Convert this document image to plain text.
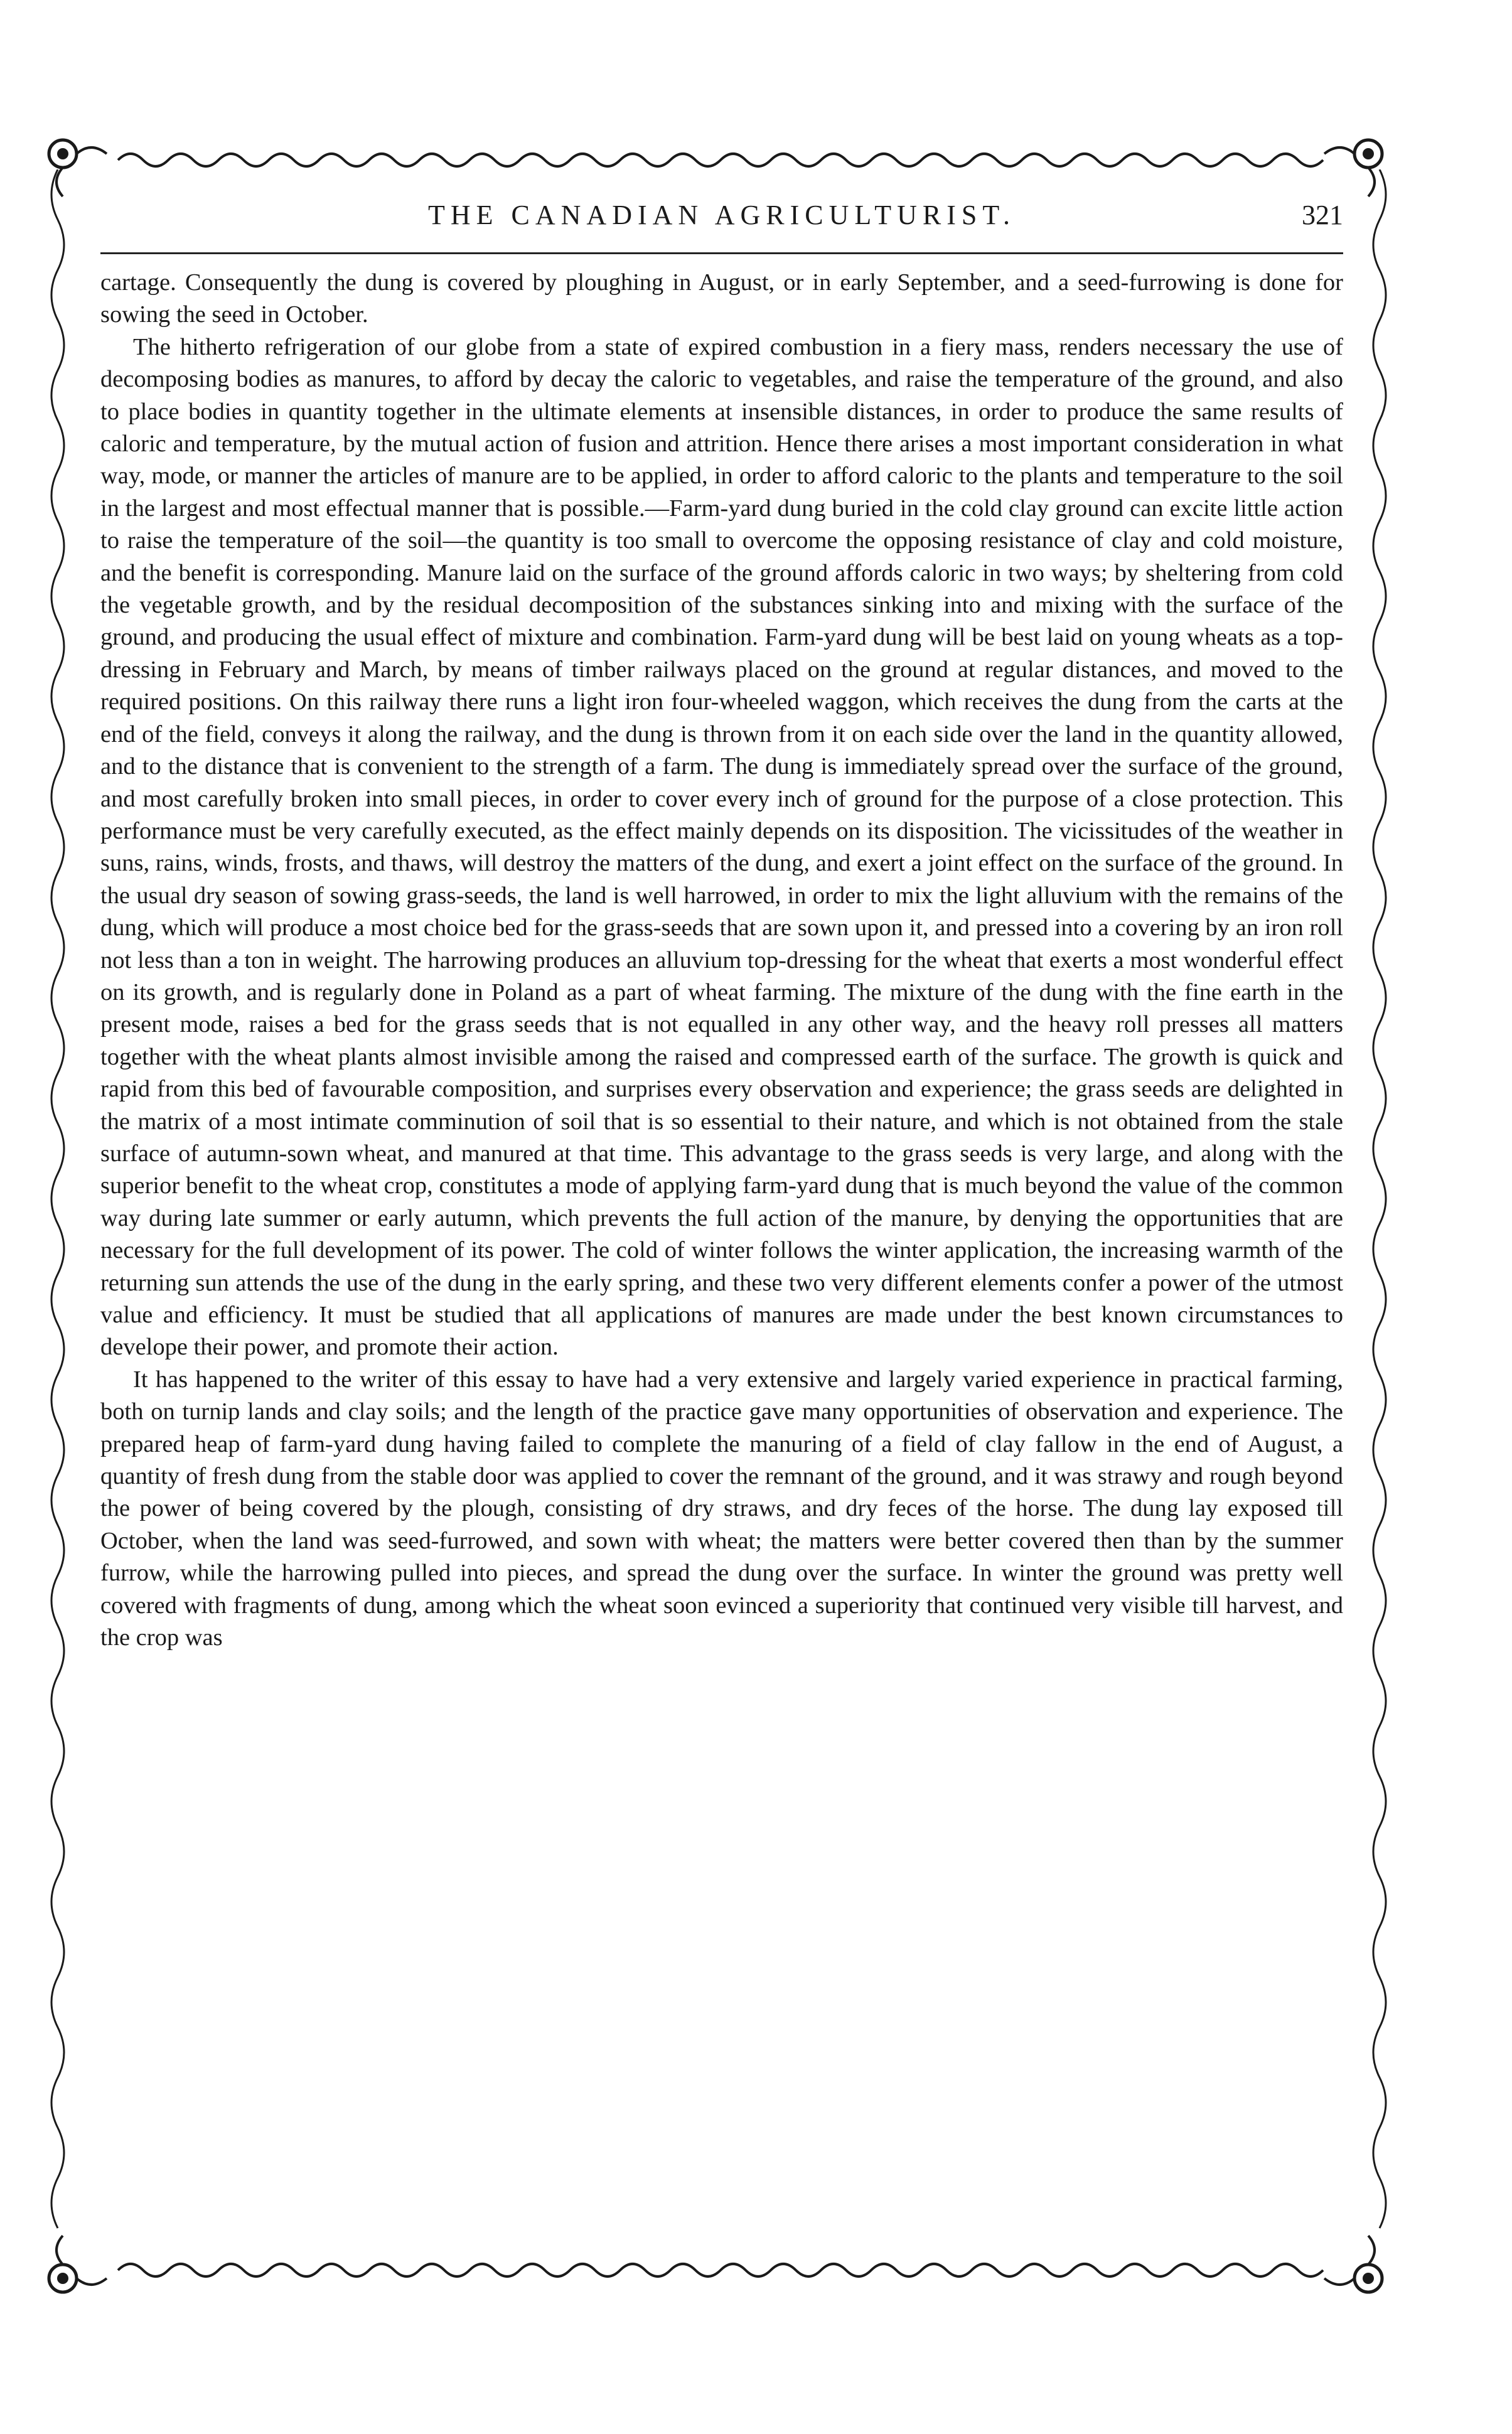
THE CANADIAN AGRICULTURIST.	321

cartage. Consequently the dung is covered by ploughing in August, or in early September, and a seed-furrowing is done for sowing the seed in October.

The hitherto refrigeration of our globe from a state of expired combustion in a fiery mass, renders necessary the use of decomposing bodies as manures, to afford by decay the caloric to vegetables, and raise the temperature of the ground, and also to place bodies in quantity together in the ultimate elements at insensible distances, in order to produce the same results of caloric and temperature, by the mutual action of fusion and attrition. Hence there arises a most important consideration in what way, mode, or manner the articles of manure are to be applied, in order to afford caloric to the plants and temperature to the soil in the largest and most effectual manner that is possible.—Farm-yard dung buried in the cold clay ground can excite little action to raise the temperature of the soil—the quantity is too small to overcome the opposing resistance of clay and cold moisture, and the benefit is corresponding. Manure laid on the surface of the ground affords caloric in two ways; by sheltering from cold the vegetable growth, and by the residual decomposition of the substances sinking into and mixing with the surface of the ground, and producing the usual effect of mixture and combination. Farm-yard dung will be best laid on young wheats as a top-dressing in February and March, by means of timber railways placed on the ground at regular distances, and moved to the required positions. On this railway there runs a light iron four-wheeled waggon, which receives the dung from the carts at the end of the field, conveys it along the railway, and the dung is thrown from it on each side over the land in the quantity allowed, and to the distance that is convenient to the strength of a farm. The dung is immediately spread over the surface of the ground, and most carefully broken into small pieces, in order to cover every inch of ground for the purpose of a close protection. This performance must be very carefully executed, as the effect mainly depends on its disposition. The vicissitudes of the weather in suns, rains, winds, frosts, and thaws, will destroy the matters of the dung, and exert a joint effect on the surface of the ground. In the usual dry season of sowing grass-seeds, the land is well harrowed, in order to mix the light alluvium with the remains of the dung, which will produce a most choice bed for the grass-seeds that are sown upon it, and pressed into a covering by an iron roll not less than a ton in weight. The harrowing produces an alluvium top-dressing for the wheat that exerts a most wonderful effect on its growth, and is regularly done in Poland as a part of wheat farming. The mixture of the dung with the fine earth in the present mode, raises a bed for the grass seeds that is not equalled in any other way, and the heavy roll presses all matters together with the wheat plants almost invisible among the raised and compressed earth of the surface. The growth is quick and rapid from this bed of favourable composition, and surprises every observation and experience; the grass seeds are delighted in the matrix of a most intimate comminution of soil that is so essential to their nature, and which is not obtained from the stale surface of autumn-sown wheat, and manured at that time. This advantage to the grass seeds is very large, and along with the superior benefit to the wheat crop, constitutes a mode of applying farm-yard dung that is much beyond the value of the common way during late summer or early autumn, which prevents the full action of the manure, by denying the opportunities that are necessary for the full development of its power. The cold of winter follows the winter application, the increasing warmth of the returning sun attends the use of the dung in the early spring, and these two very different elements confer a power of the utmost value and efficiency. It must be studied that all applications of manures are made under the best known circumstances to develope their power, and promote their action.

It has happened to the writer of this essay to have had a very extensive and largely varied experience in practical farming, both on turnip lands and clay soils; and the length of the practice gave many opportunities of observation and experience. The prepared heap of farm-yard dung having failed to complete the manuring of a field of clay fallow in the end of August, a quantity of fresh dung from the stable door was applied to cover the remnant of the ground, and it was strawy and rough beyond the power of being covered by the plough, consisting of dry straws, and dry feces of the horse. The dung lay exposed till October, when the land was seed-furrowed, and sown with wheat; the matters were better covered then than by the summer furrow, while the harrowing pulled into pieces, and spread the dung over the surface. In winter the ground was pretty well covered with fragments of dung, among which the wheat soon evinced a superiority that continued very visible till harvest, and the crop was
